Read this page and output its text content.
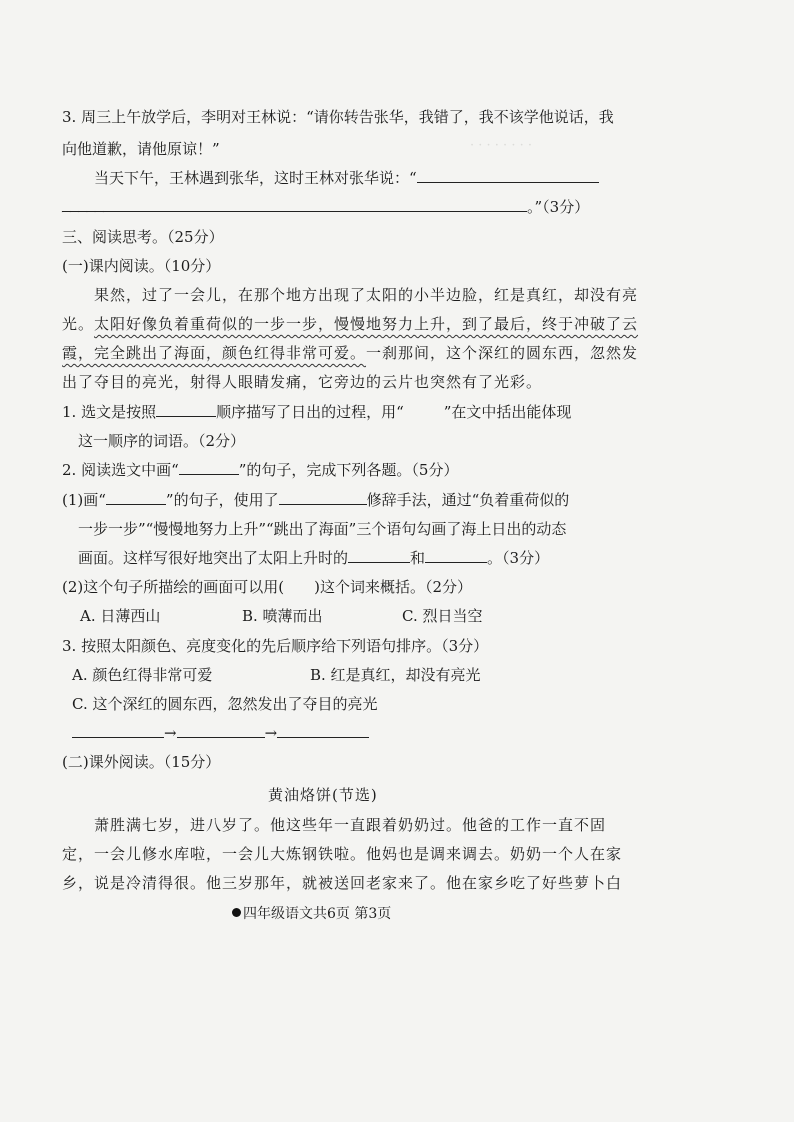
· · · · · · · ·
· · · · · ·
3. 周三上午放学后，李明对王林说：“请你转告张华，我错了，我不该学他说话，我
向他道歉，请他原谅！”
当天下午，王林遇到张华，这时王林对张华说：“
。”（3分）
三、阅读思考。（25分）
(一)课内阅读。（10分）
果然，过了一会儿，在那个地方出现了太阳的小半边脸，红是真红，却没有亮
光。太阳好像负着重荷似的一步一步，慢慢地努力上升，到了最后，终于冲破了云
霞，完全跳出了海面，颜色红得非常可爱。一刹那间，这个深红的圆东西，忽然发
出了夺目的亮光，射得人眼睛发痛，它旁边的云片也突然有了光彩。
1. 选文是按照	顺序描写了日出的过程，用“	”在文中括出能体现
这一顺序的词语。（2分）
2. 阅读选文中画“	”的句子，完成下列各题。（5分）
(1)画“	”的句子，使用了	修辞手法，通过“负着重荷似的
一步一步”“慢慢地努力上升”“跳出了海面”三个语句勾画了海上日出的动态
画面。这样写很好地突出了太阳上升时的	和	。（3分）
(2)这个句子所描绘的画面可以用( )这个词来概括。（2分）
A. 日薄西山	B. 喷薄而出	C. 烈日当空
3. 按照太阳颜色、亮度变化的先后顺序给下列语句排序。（3分）
A. 颜色红得非常可爱	B. 红是真红，却没有亮光
C. 这个深红的圆东西，忽然发出了夺目的亮光
→	→
(二)课外阅读。（15分）
黄油烙饼(节选)
萧胜满七岁，进八岁了。他这些年一直跟着奶奶过。他爸的工作一直不固
定，一会儿修水库啦，一会儿大炼钢铁啦。他妈也是调来调去。奶奶一个人在家
乡，说是冷清得很。他三岁那年，就被送回老家来了。他在家乡吃了好些萝卜白
四年级语文共6页 第3页
